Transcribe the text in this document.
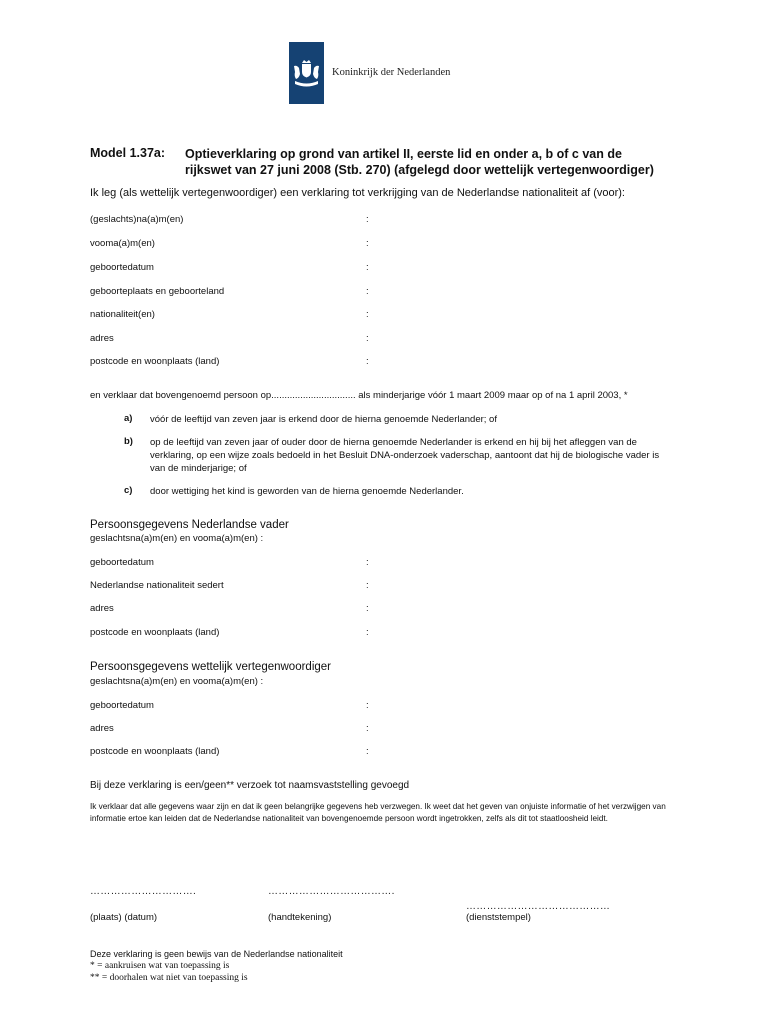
Koninkrijk der Nederlanden
Model 1.37a: Optieverklaring op grond van artikel II, eerste lid en onder a, b of c van de rijkswet van 27 juni 2008 (Stb. 270) (afgelegd door wettelijk vertegenwoordiger)
Ik leg (als wettelijk vertegenwoordiger) een verklaring tot verkrijging van de Nederlandse nationaliteit af (voor):
(geslachts)na(a)m(en)	:
vooma(a)m(en)	:
geboortedatum	:
geboorteplaats en geboorteland	:
nationaliteit(en)	:
adres	:
postcode en woonplaats (land)	:
en verklaar dat bovengenoemd persoon op................................ als minderjarige vóór 1 maart 2009 maar op of na 1 april 2003, *
a) vóór de leeftijd van zeven jaar is erkend door de hierna genoemde Nederlander; of
b) op de leeftijd van zeven jaar of ouder door de hierna genoemde Nederlander is erkend en hij bij het afleggen van de verklaring, op een wijze zoals bedoeld in het Besluit DNA-onderzoek vaderschap, aantoont dat hij de biologische vader is van de minderjarige; of
c) door wettiging het kind is geworden van de hierna genoemde Nederlander.
Persoonsgegevens Nederlandse vader
geslachtsna(a)m(en) en vooma(a)m(en) :
geboortedatum	:
Nederlandse nationaliteit sedert	:
adres	:
postcode en woonplaats (land)	:
Persoonsgegevens wettelijk vertegenwoordiger
geslachtsna(a)m(en) en vooma(a)m(en) :
geboortedatum	:
adres	:
postcode en woonplaats (land)	:
Bij deze verklaring is een/geen** verzoek tot naamsvaststelling gevoegd
Ik verklaar dat alle gegevens waar zijn en dat ik geen belangrijke gegevens heb verzwegen. Ik weet dat het geven van onjuiste informatie of het verzwijgen van informatie ertoe kan leiden dat de Nederlandse nationaliteit van bovengenoemde persoon wordt ingetrokken, zelfs als dit tot staatloosheid leidt.
………………………….	……………………………….
……………………………………
(plaats) (datum)	(handtekening)	(dienststempel)
Deze verklaring is geen bewijs van de Nederlandse nationaliteit
* = aankruisen wat van toepassing is
** = doorhalen wat niet van toepassing is
